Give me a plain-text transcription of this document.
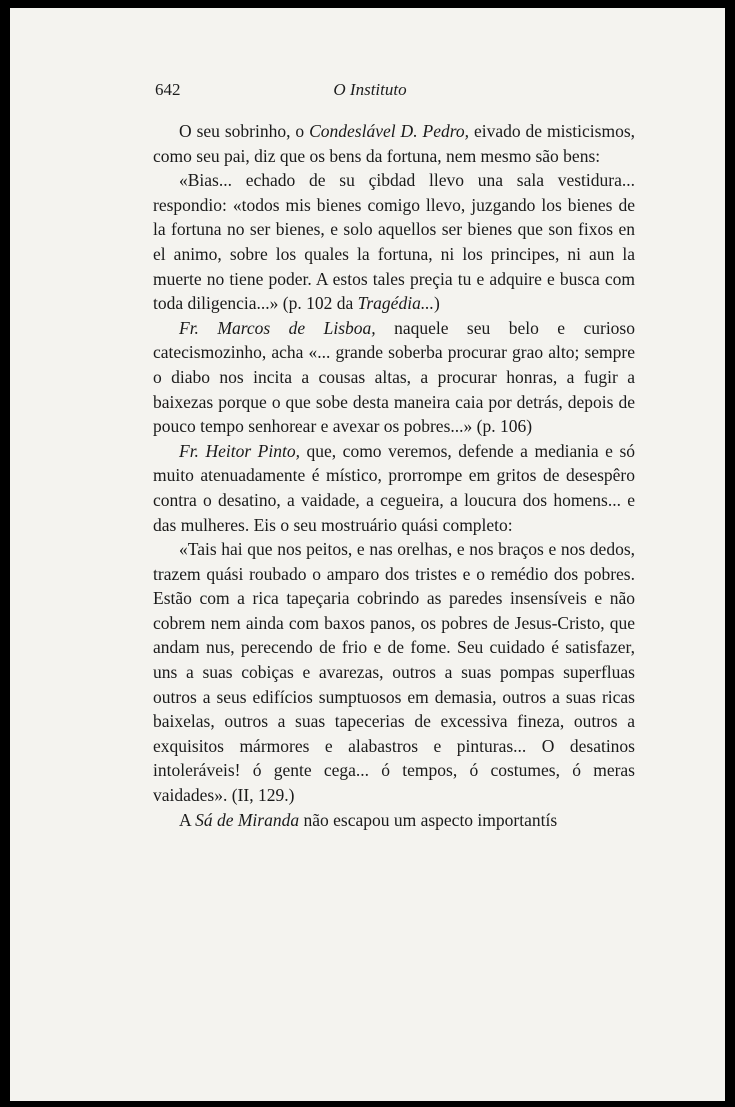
642	O Instituto

O seu sobrinho, o Condeslável D. Pedro, eivado de misticismos, como seu pai, diz que os bens da fortuna, nem mesmo são bens:

«Bias... echado de su çibdad llevo una sala vestidura... respondio: «todos mis bienes comigo llevo, juzgando los bienes de la fortuna no ser bienes, e solo aquellos ser bienes que son fixos en el animo, sobre los quales la fortuna, ni los principes, ni aun la muerte no tiene poder. A estos tales preçia tu e adquire e busca com toda diligencia...» (p. 102 da Tragédia...)

Fr. Marcos de Lisboa, naquele seu belo e curioso catecismozinho, acha «... grande soberba procurar grao alto; sempre o diabo nos incita a cousas altas, a procurar honras, a fugir a baixezas porque o que sobe desta maneira caia por detrás, depois de pouco tempo senhorear e avexar os pobres...» (p. 106)

Fr. Heitor Pinto, que, como veremos, defende a mediania e só muito atenuadamente é místico, prorrompe em gritos de desespêro contra o desatino, a vaidade, a cegueira, a loucura dos homens... e das mulheres. Eis o seu mostruário quási completo:

«Tais hai que nos peitos, e nas orelhas, e nos braços e nos dedos, trazem quási roubado o amparo dos tristes e o remédio dos pobres. Estão com a rica tapeçaria cobrindo as paredes insensíveis e não cobrem nem ainda com baxos panos, os pobres de Jesus-Cristo, que andam nus, perecendo de frio e de fome. Seu cuidado é satisfazer, uns a suas cobiças e avarezas, outros a suas pompas superfluas outros a seus edifícios sumptuosos em demasia, outros a suas ricas baixelas, outros a suas tapecerias de excessiva fineza, outros a exquisitos mármores e alabastros e pinturas... O desatinos intoleráveis! ó gente cega... ó tempos, ó costumes, ó meras vaidades». (II, 129.)

A Sá de Miranda não escapou um aspecto importantís
